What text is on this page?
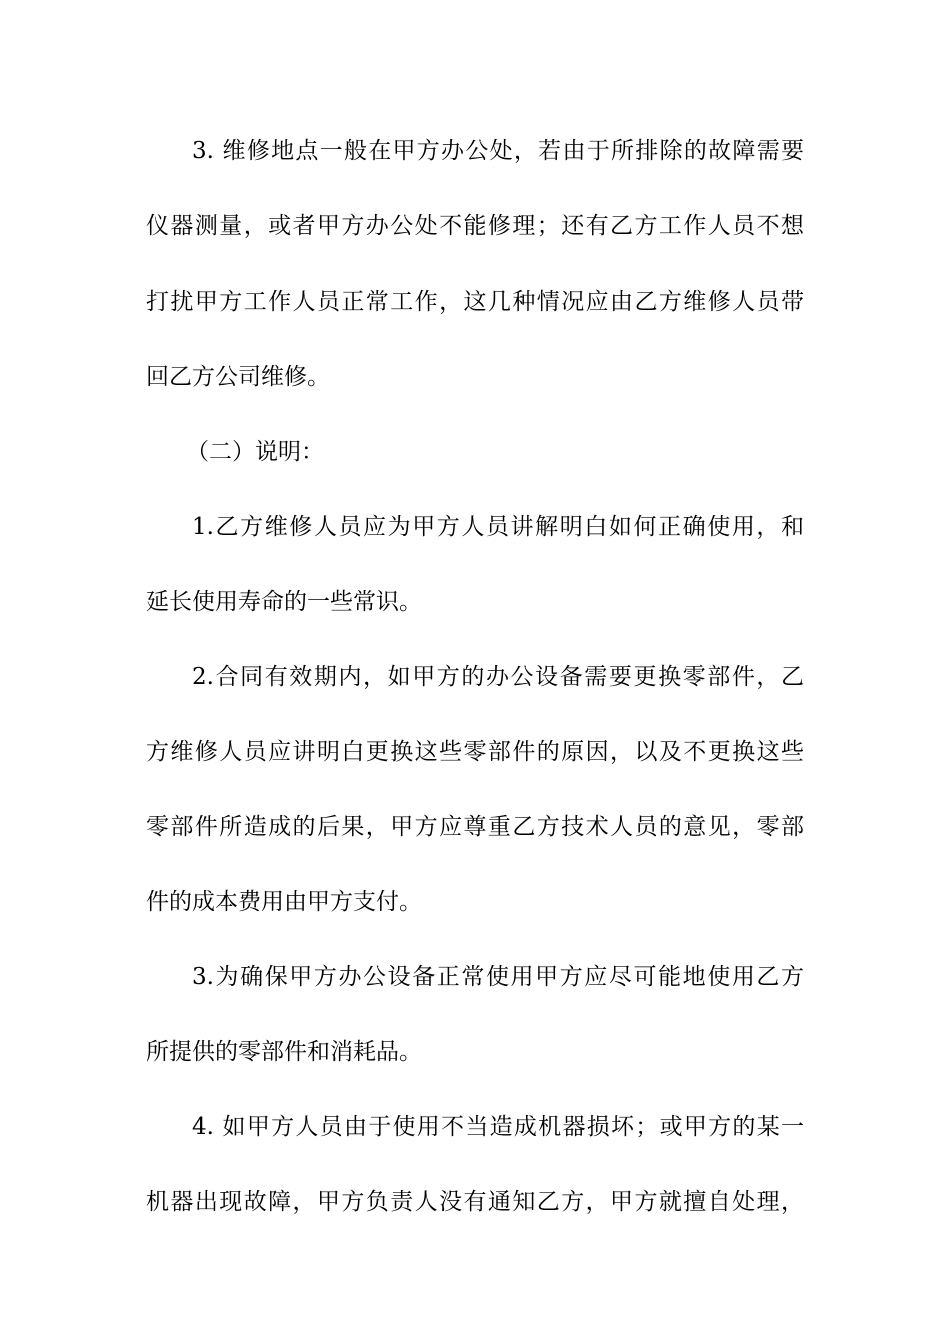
3. 维修地点一般在甲方办公处，若由于所排除的故障需要
仪器测量，或者甲方办公处不能修理；还有乙方工作人员不想
打扰甲方工作人员正常工作，这几种情况应由乙方维修人员带
回乙方公司维修。
（二）说明：
1.乙方维修人员应为甲方人员讲解明白如何正确使用，和
延长使用寿命的一些常识。
2.合同有效期内，如甲方的办公设备需要更换零部件，乙
方维修人员应讲明白更换这些零部件的原因，以及不更换这些
零部件所造成的后果，甲方应尊重乙方技术人员的意见，零部
件的成本费用由甲方支付。
3.为确保甲方办公设备正常使用甲方应尽可能地使用乙方
所提供的零部件和消耗品。
4. 如甲方人员由于使用不当造成机器损坏；或甲方的某一
机器出现故障，甲方负责人没有通知乙方，甲方就擅自处理，
